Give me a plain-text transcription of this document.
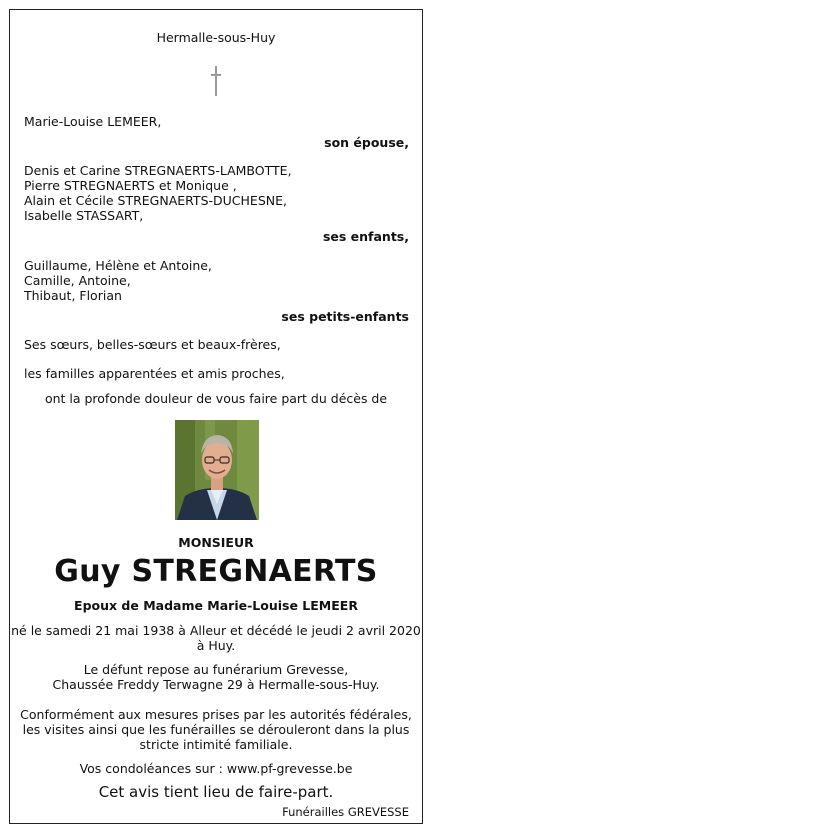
Hermalle-sous-Huy
Marie-Louise LEMEER,
son épouse,
Denis et Carine STREGNAERTS-LAMBOTTE,
Pierre STREGNAERTS et Monique ,
Alain et Cécile STREGNAERTS-DUCHESNE,
Isabelle STASSART,
ses enfants,
Guillaume, Hélène et Antoine,
Camille, Antoine,
Thibaut, Florian
ses petits-enfants
Ses sœurs, belles-sœurs et beaux-frères,
les familles apparentées et amis proches,
ont la profonde douleur de vous faire part du décès de
MONSIEUR
Guy STREGNAERTS
Epoux de Madame Marie-Louise LEMEER
né le samedi 21 mai 1938 à Alleur et décédé le jeudi 2 avril 2020
à Huy.
Le défunt repose au funérarium Grevesse,
Chaussée Freddy Terwagne 29 à Hermalle-sous-Huy.
Conformément aux mesures prises par les autorités fédérales,
les visites ainsi que les funérailles se dérouleront dans la plus
stricte intimité familiale.
Vos condoléances sur : www.pf-grevesse.be
Cet avis tient lieu de faire-part.
Funérailles GREVESSE
